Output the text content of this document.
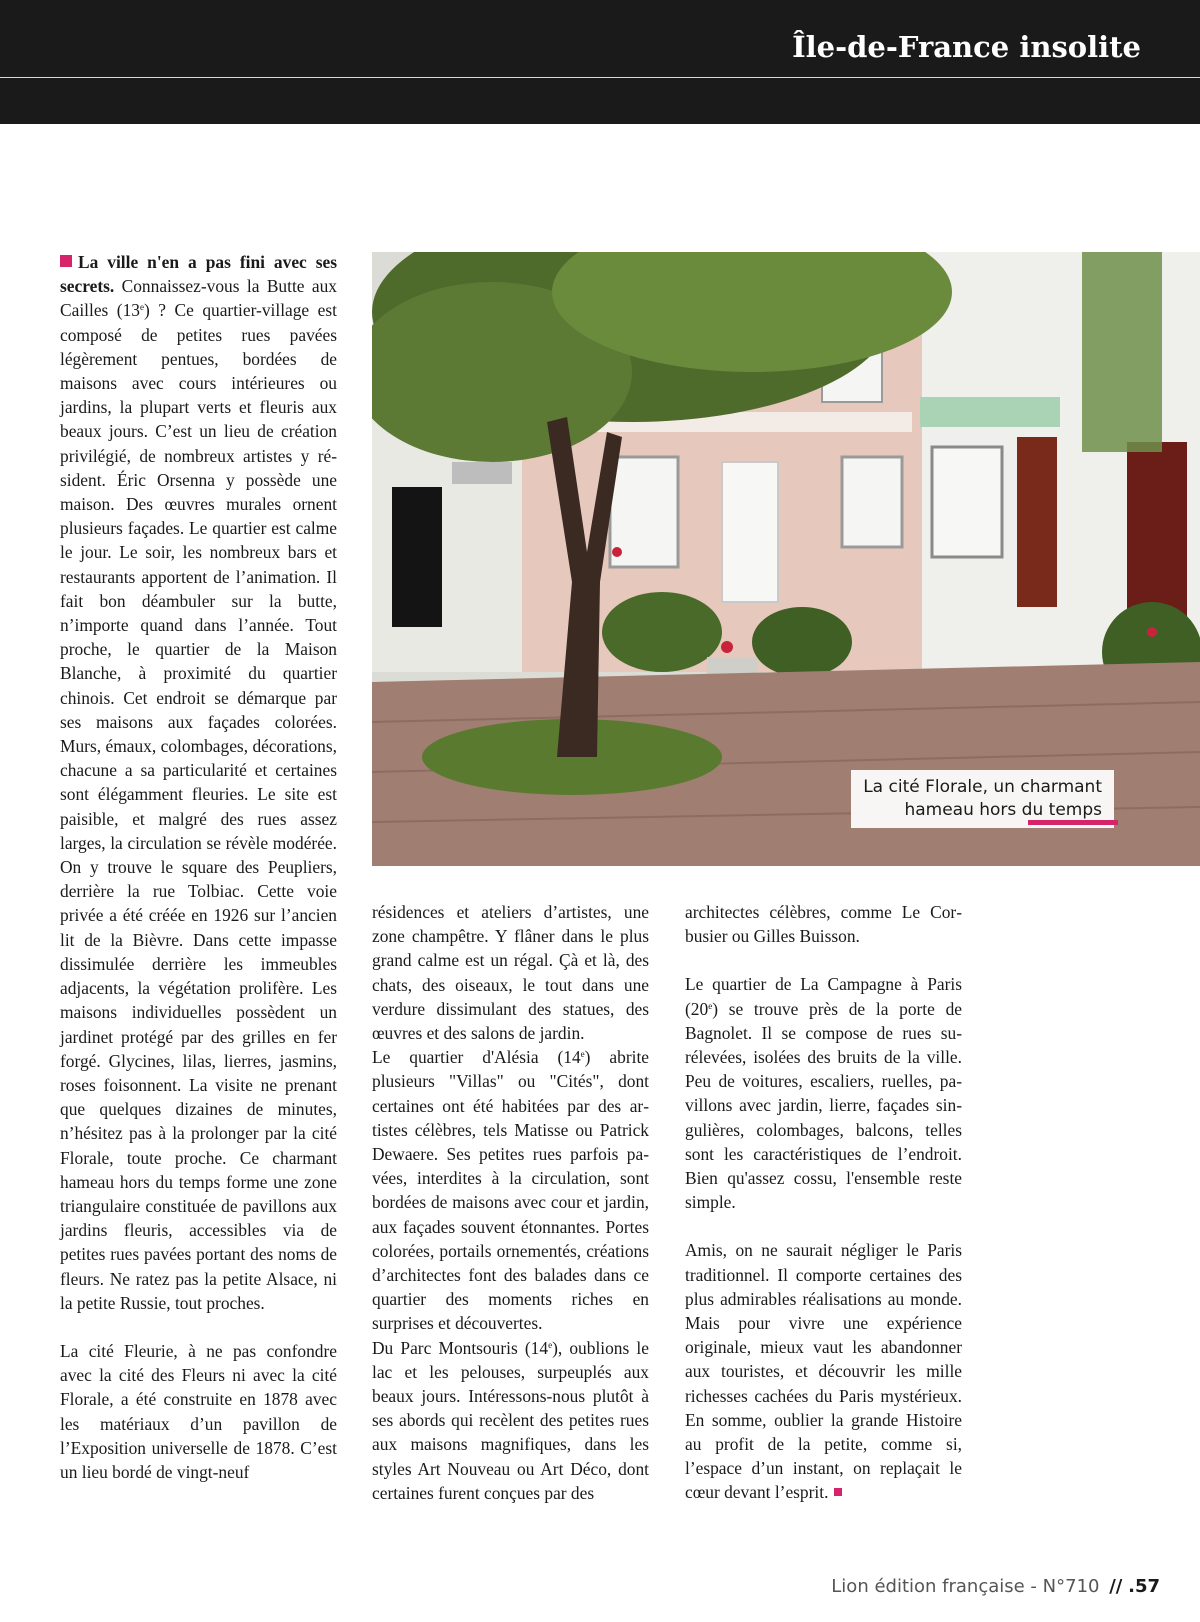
Île-de-France insolite

La ville n'en a pas fini avec ses secrets. Connaissez-vous la Butte aux Cailles (13e) ? Ce quartier-village est composé de petites rues pavées légèrement pentues, bordées de maisons avec cours intérieures ou jardins, la plupart verts et fleuris aux beaux jours. C’est un lieu de création privilégié, de nombreux artistes y résident. Éric Orsenna y possède une maison. Des œuvres murales ornent plusieurs façades. Le quartier est calme le jour. Le soir, les nombreux bars et restaurants apportent de l’animation. Il fait bon déambuler sur la butte, n’importe quand dans l’année. Tout proche, le quartier de la Maison Blanche, à proximité du quartier chinois. Cet endroit se démarque par ses maisons aux façades colorées. Murs, émaux, colombages, décorations, chacune a sa particularité et certaines sont élégamment fleuries. Le site est paisible, et malgré des rues assez larges, la circulation se révèle modérée. On y trouve le square des Peupliers, derrière la rue Tolbiac. Cette voie privée a été créée en 1926 sur l’ancien lit de la Bièvre. Dans cette impasse dissimulée derrière les immeubles adjacents, la végétation prolifère. Les maisons individuelles possèdent un jardinet protégé par des grilles en fer forgé. Glycines, lilas, lierres, jasmins, roses foisonnent. La visite ne prenant que quelques dizaines de minutes, n’hésitez pas à la prolonger par la cité Florale, toute proche. Ce charmant hameau hors du temps forme une zone triangulaire constituée de pavillons aux jardins fleuris, accessibles via de petites rues pavées portant des noms de fleurs. Ne ratez pas la petite Alsace, ni la petite Russie, tout proches.

La cité Fleurie, à ne pas confondre avec la cité des Fleurs ni avec la cité Florale, a été construite en 1878 avec les matériaux d’un pavillon de l’Exposition universelle de 1878. C’est un lieu bordé de vingt-neuf

La cité Florale, un charmant
hameau hors du temps

résidences et ateliers d’artistes, une zone champêtre. Y flâner dans le plus grand calme est un régal. Çà et là, des chats, des oiseaux, le tout dans une verdure dissimulant des statues, des œuvres et des salons de jardin.

Le quartier d'Alésia (14e) abrite plusieurs "Villas" ou "Cités", dont certaines ont été habitées par des artistes célèbres, tels Matisse ou Patrick Dewaere. Ses petites rues parfois pavées, interdites à la circulation, sont bordées de maisons avec cour et jardin, aux façades souvent étonnantes. Portes colorées, portails ornementés, créations d’architectes font des balades dans ce quartier des moments riches en surprises et découvertes.

Du Parc Montsouris (14e), oublions le lac et les pelouses, surpeuplés aux beaux jours. Intéressons-nous plutôt à ses abords qui recèlent des petites rues aux maisons magnifiques, dans les styles Art Nouveau ou Art Déco, dont certaines furent conçues par des

architectes célèbres, comme Le Corbusier ou Gilles Buisson.

Le quartier de La Campagne à Paris (20e) se trouve près de la porte de Bagnolet. Il se compose de rues surélevées, isolées des bruits de la ville. Peu de voitures, escaliers, ruelles, pavillons avec jardin, lierre, façades singulières, colombages, balcons, telles sont les caractéristiques de l’endroit. Bien qu'assez cossu, l'ensemble reste simple.

Amis, on ne saurait négliger le Paris traditionnel. Il comporte certaines des plus admirables réalisations au monde. Mais pour vivre une expérience originale, mieux vaut les abandonner aux touristes, et découvrir les mille richesses cachées du Paris mystérieux. En somme, oublier la grande Histoire au profit de la petite, comme si, l’espace d’un instant, on replaçait le cœur devant l’esprit.

Lion édition française - N°710 // .57
